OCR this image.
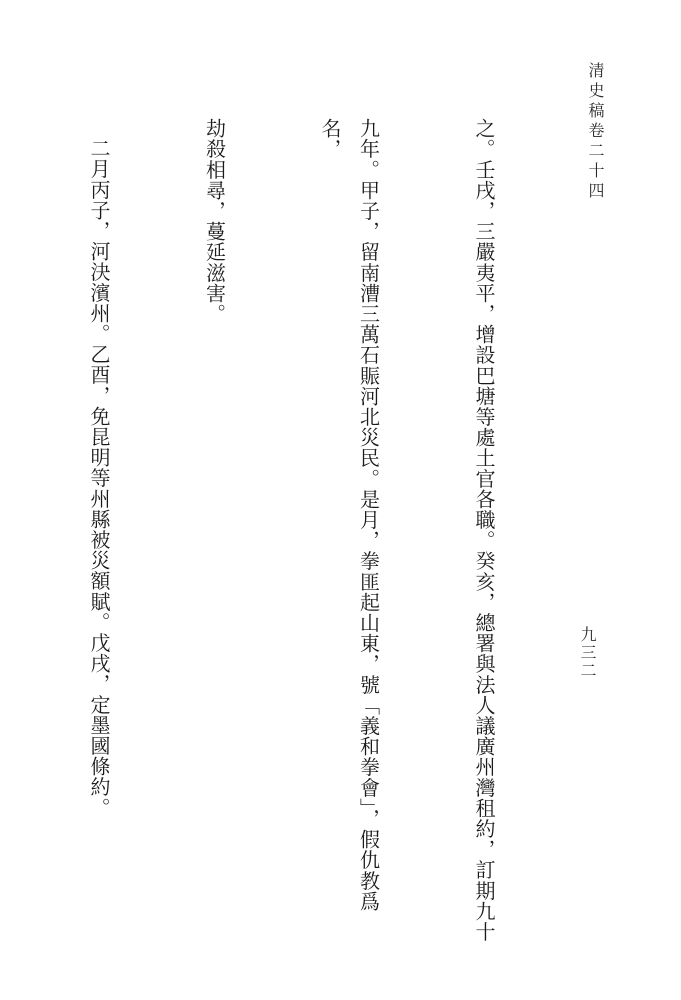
清史稿卷二十四
九三二

之。壬戌，三嚴夷平，增設巴塘等處土官各職。癸亥，總署與法人議廣州灣租約，訂期九十

九年。甲子，留南漕三萬石賑河北災民。是月，拳匪起山東，號「義和拳會」，假仇教爲名，

劫殺相尋，蔓延滋害。

二月丙子，河決濱州。乙酉，免昆明等州縣被災額賦。戊戌，定墨國條約。
